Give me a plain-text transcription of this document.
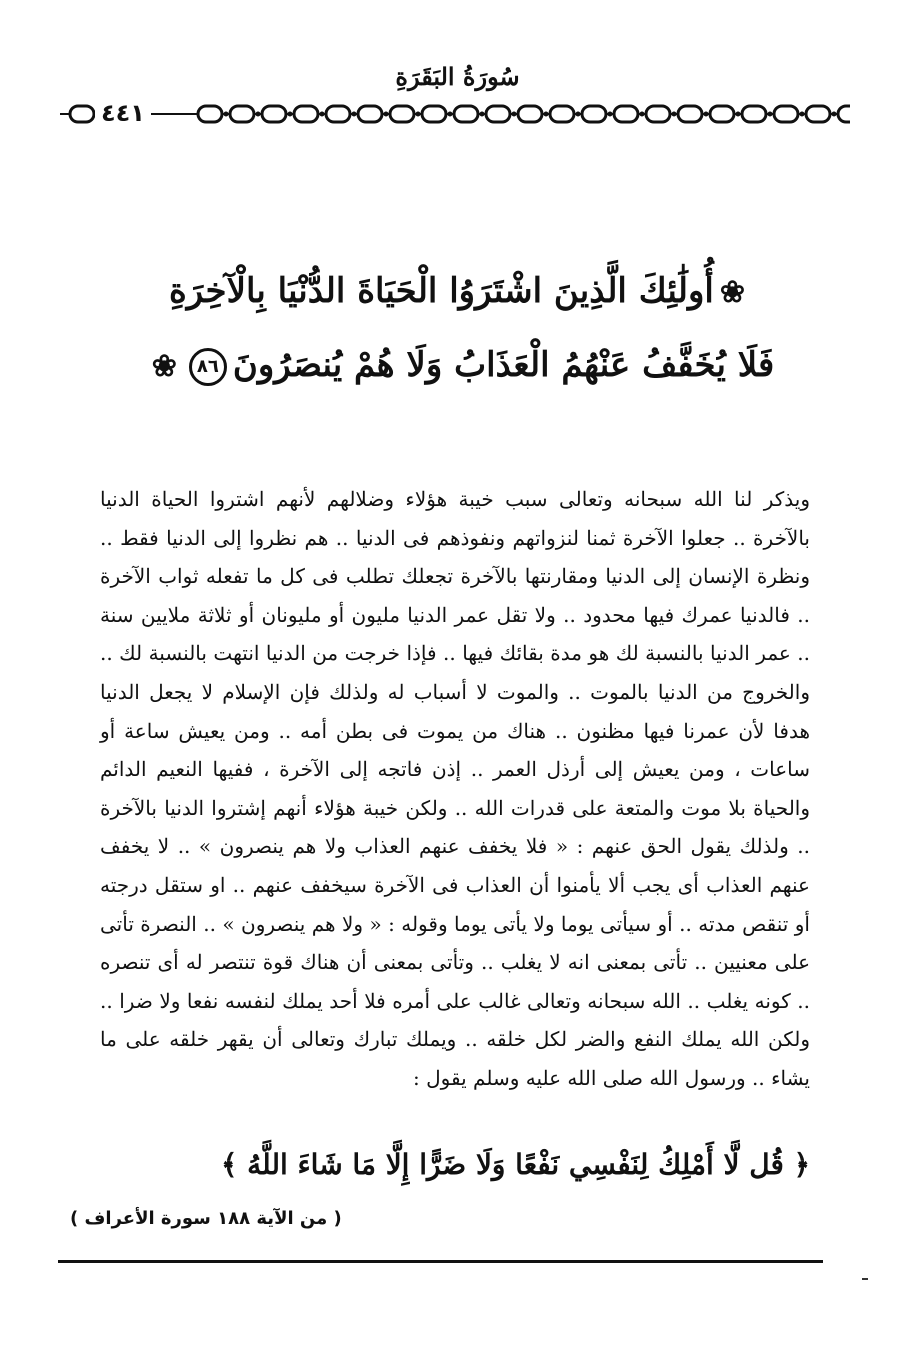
سُورَةُ البَقَرَةِ
٤٤١
❀أُولَٰئِكَ الَّذِينَ اشْتَرَوُا الْحَيَاةَ الدُّنْيَا بِالْآخِرَةِ
فَلَا يُخَفَّفُ عَنْهُمُ الْعَذَابُ وَلَا هُمْ يُنصَرُونَ٨٦❀

ويذكر لنا الله سبحانه وتعالى سبب خيبة هؤلاء وضلالهم لأنهم اشتروا الحياة الدنيا بالآخرة .. جعلوا الآخرة ثمنا لنزواتهم ونفوذهم فى الدنيا .. هم نظروا إلى الدنيا فقط .. ونظرة الإنسان إلى الدنيا ومقارنتها بالآخرة تجعلك تطلب فى كل ما تفعله ثواب الآخرة .. فالدنيا عمرك فيها محدود .. ولا تقل عمر الدنيا مليون أو مليونان أو ثلاثة ملايين سنة .. عمر الدنيا بالنسبة لك هو مدة بقائك فيها .. فإذا خرجت من الدنيا انتهت بالنسبة لك .. والخروج من الدنيا بالموت .. والموت لا أسباب له ولذلك فإن الإسلام لا يجعل الدنيا هدفا لأن عمرنا فيها مظنون .. هناك من يموت فى بطن أمه .. ومن يعيش ساعة أو ساعات ، ومن يعيش إلى أرذل العمر .. إذن فاتجه إلى الآخرة ، ففيها النعيم الدائم والحياة بلا موت والمتعة على قدرات الله .. ولكن خيبة هؤلاء أنهم إشتروا الدنيا بالآخرة .. ولذلك يقول الحق عنهم : « فلا يخفف عنهم العذاب ولا هم ينصرون » .. لا يخفف عنهم العذاب أى يجب ألا يأمنوا أن العذاب فى الآخرة سيخفف عنهم .. او ستقل درجته أو تنقص مدته .. أو سيأتى يوما ولا يأتى يوما وقوله : « ولا هم ينصرون » .. النصرة تأتى على معنيين .. تأتى بمعنى انه لا يغلب .. وتأتى بمعنى أن هناك قوة تنتصر له أى تنصره .. كونه يغلب .. الله سبحانه وتعالى غالب على أمره فلا أحد يملك لنفسه نفعا ولا ضرا .. ولكن الله يملك النفع والضر لكل خلقه .. ويملك تبارك وتعالى أن يقهر خلقه على ما يشاء .. ورسول الله صلى الله عليه وسلم يقول :

﴿ قُل لَّا أَمْلِكُ لِنَفْسِي نَفْعًا وَلَا ضَرًّا إِلَّا مَا شَاءَ اللَّهُ ﴾
( من الآية ١٨٨ سورة الأعراف )
